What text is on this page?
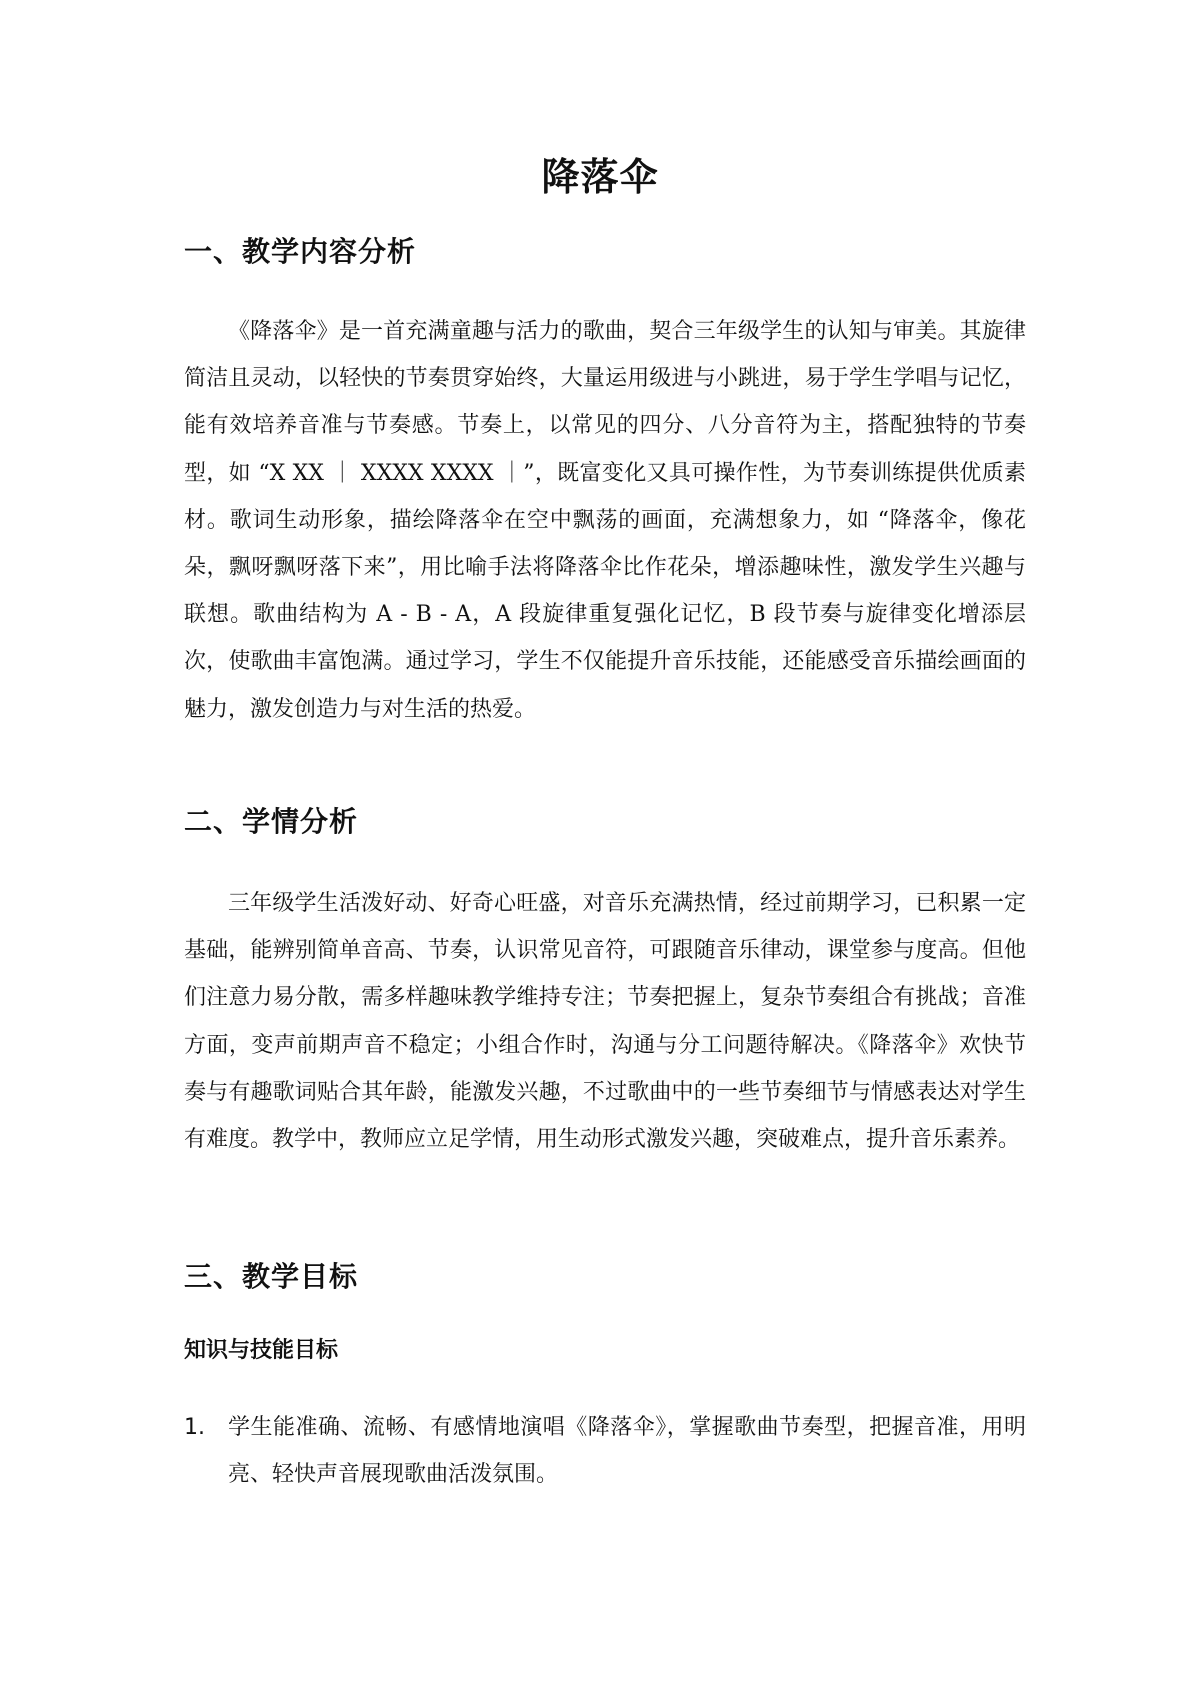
降落伞
一、教学内容分析

《降落伞》是一首充满童趣与活力的歌曲，契合三年级学生的认知与审美。其旋律简洁且灵动，以轻快的节奏贯穿始终，大量运用级进与小跳进，易于学生学唱与记忆，能有效培养音准与节奏感。节奏上，以常见的四分、八分音符为主，搭配独特的节奏型，如 “X XX ｜ XXXX XXXX ｜”，既富变化又具可操作性，为节奏训练提供优质素材。歌词生动形象，描绘降落伞在空中飘荡的画面，充满想象力，如 “降落伞，像花朵，飘呀飘呀落下来”，用比喻手法将降落伞比作花朵，增添趣味性，激发学生兴趣与联想。歌曲结构为 A - B - A，A 段旋律重复强化记忆，B 段节奏与旋律变化增添层次，使歌曲丰富饱满。通过学习，学生不仅能提升音乐技能，还能感受音乐描绘画面的魅力，激发创造力与对生活的热爱。

二、学情分析

三年级学生活泼好动、好奇心旺盛，对音乐充满热情，经过前期学习，已积累一定基础，能辨别简单音高、节奏，认识常见音符，可跟随音乐律动，课堂参与度高。但他们注意力易分散，需多样趣味教学维持专注；节奏把握上，复杂节奏组合有挑战；音准方面，变声前期声音不稳定；小组合作时，沟通与分工问题待解决。《降落伞》欢快节奏与有趣歌词贴合其年龄，能激发兴趣，不过歌曲中的一些节奏细节与情感表达对学生有难度。教学中，教师应立足学情，用生动形式激发兴趣，突破难点，提升音乐素养。

三、教学目标
知识与技能目标
1.	学生能准确、流畅、有感情地演唱《降落伞》，掌握歌曲节奏型，把握音准，用明亮、轻快声音展现歌曲活泼氛围。
